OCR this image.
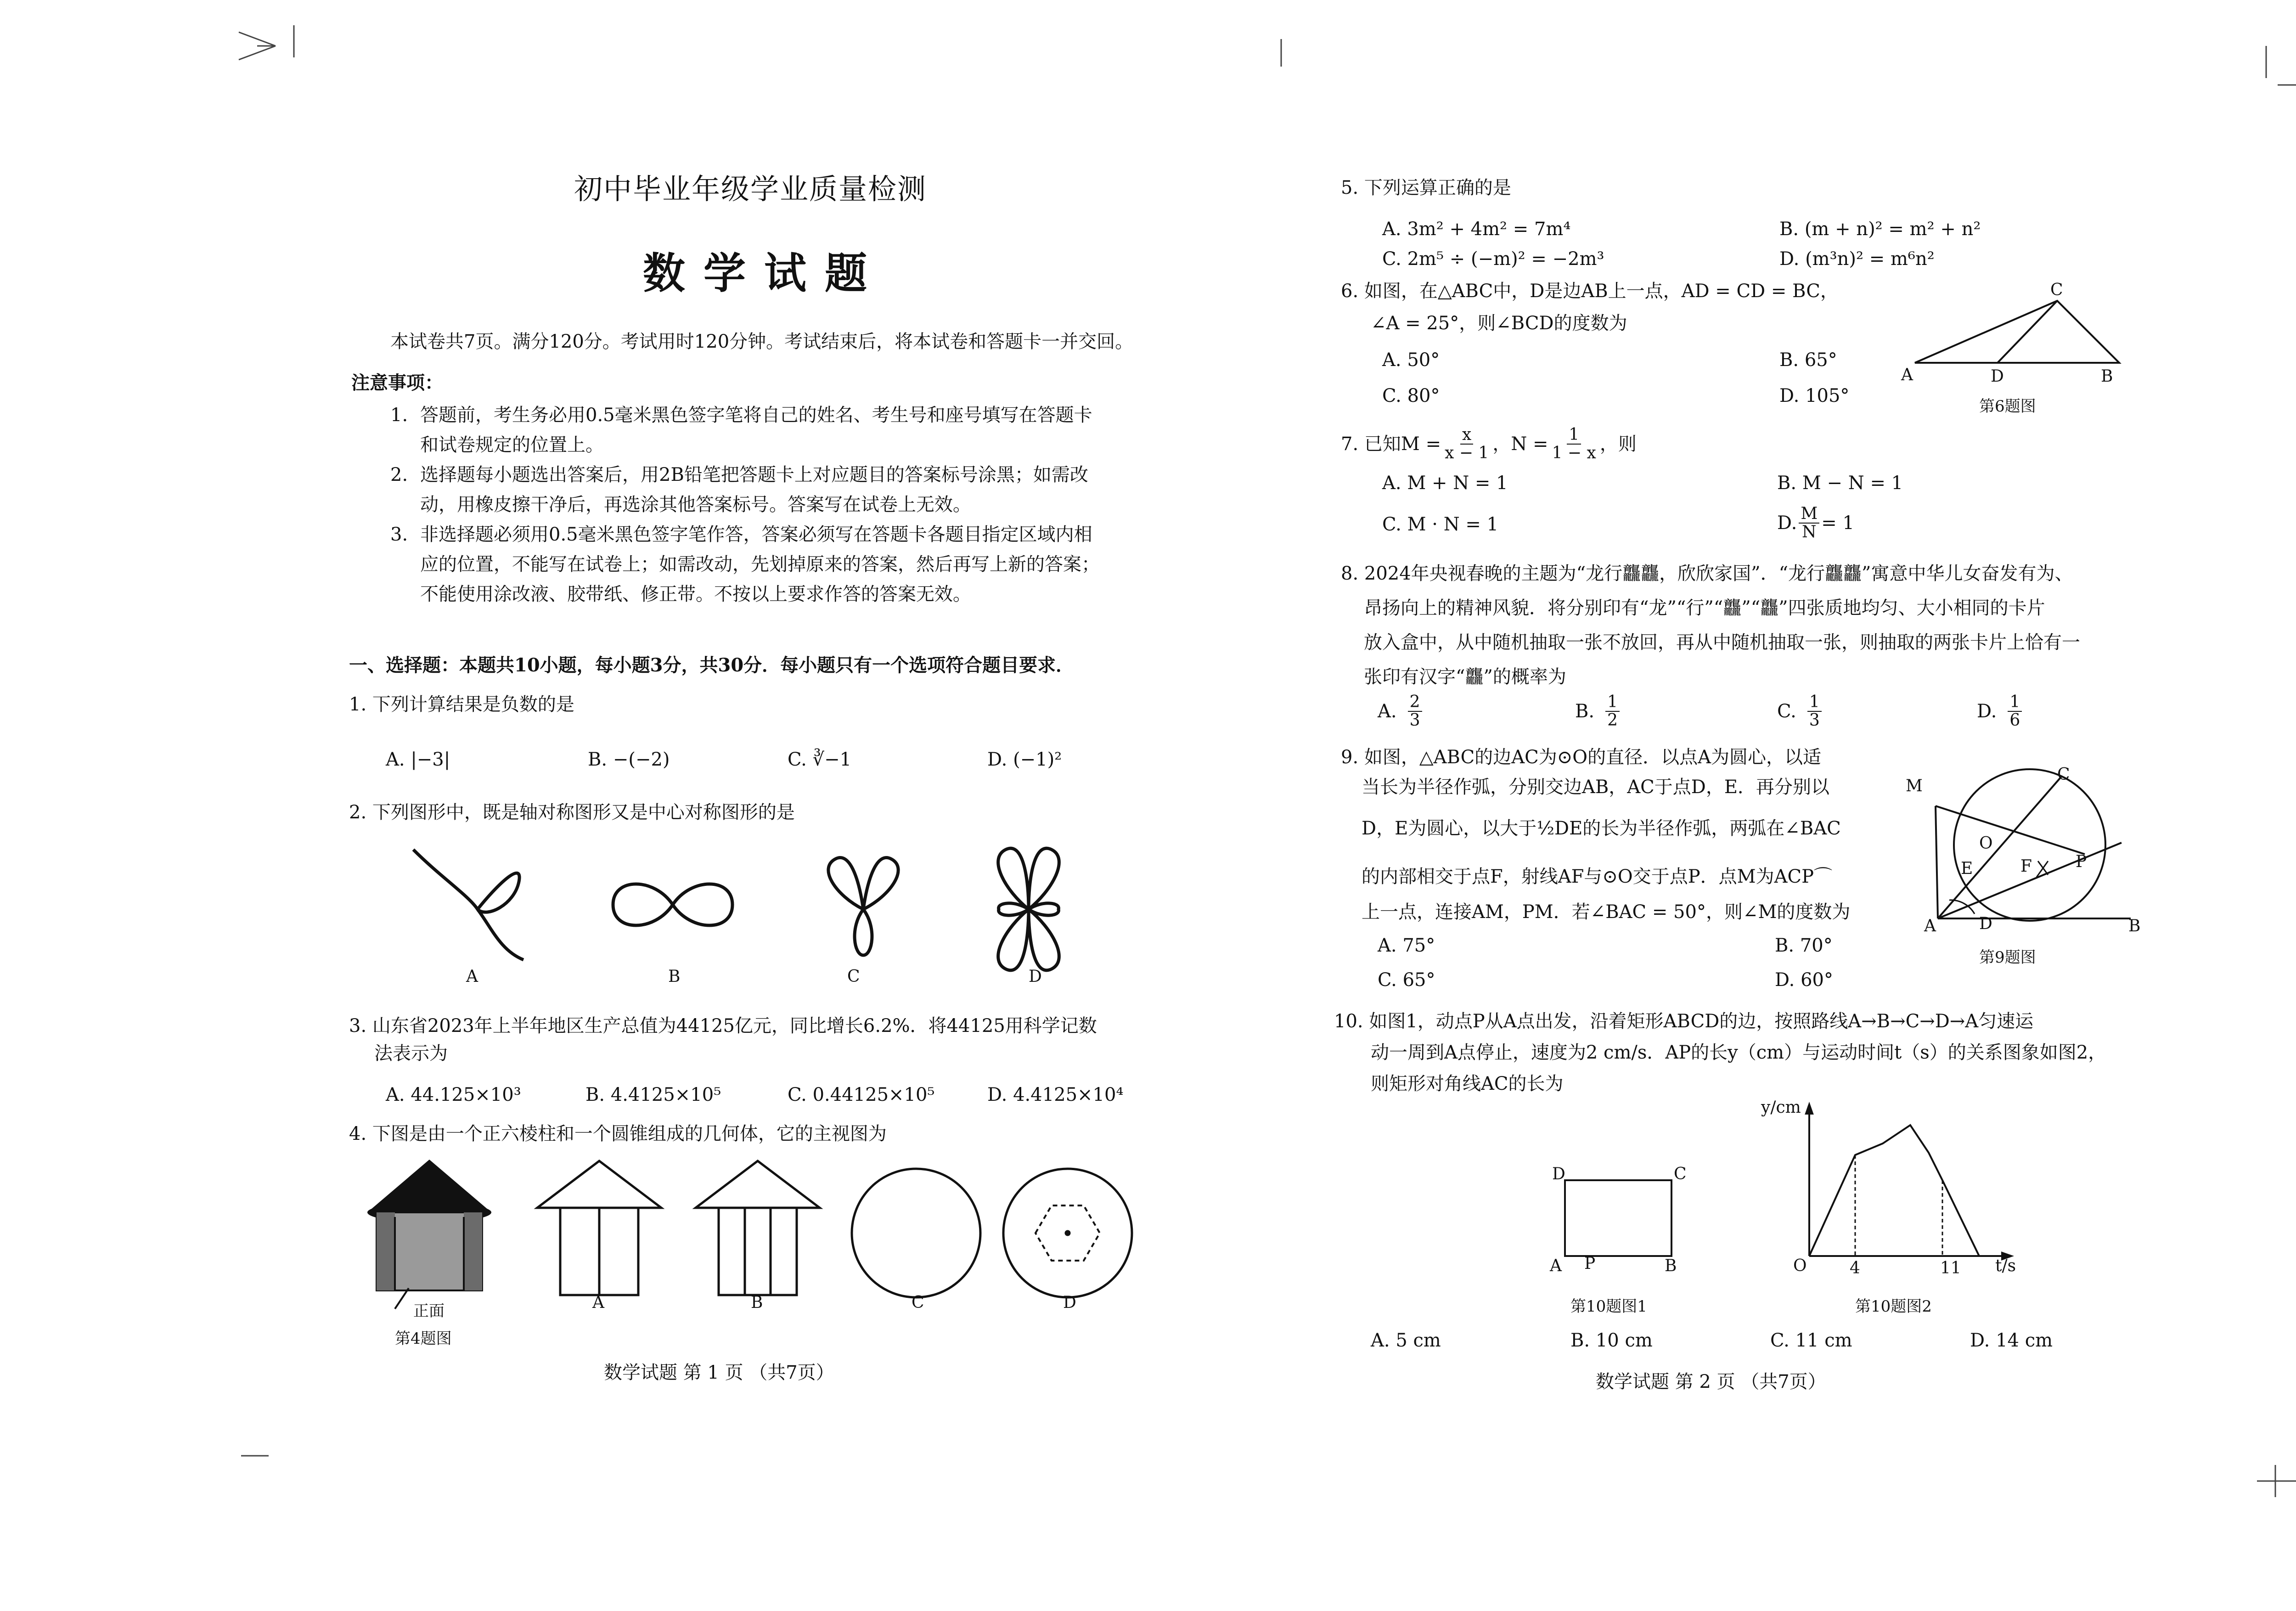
初中毕业年级学业质量检测
数学试题
本试卷共7页。满分120分。考试用时120分钟。考试结束后，将本试卷和答题卡一并交回。
注意事项：
1. 答题前，考生务必用0.5毫米黑色签字笔将自己的姓名、考生号和座号填写在答题卡
和试卷规定的位置上。
2. 选择题每小题选出答案后，用2B铅笔把答题卡上对应题目的答案标号涂黑；如需改
动，用橡皮擦干净后，再选涂其他答案标号。答案写在试卷上无效。
3. 非选择题必须用0.5毫米黑色签字笔作答，答案必须写在答题卡各题目指定区域内相
应的位置，不能写在试卷上；如需改动，先划掉原来的答案，然后再写上新的答案；
不能使用涂改液、胶带纸、修正带。不按以上要求作答的答案无效。
一、选择题：本题共10小题，每小题3分，共30分．每小题只有一个选项符合题目要求．
1. 下列计算结果是负数的是
A. |−3|	B. −(−2)	C. ∛−1	D. (−1)²
2. 下列图形中，既是轴对称图形又是中心对称图形的是
A	B	C	D
3. 山东省2023年上半年地区生产总值为44125亿元，同比增长6.2%．将44125用科学记数
法表示为
A. 44.125×10³	B. 4.4125×10⁵	C. 0.44125×10⁵	D. 4.4125×10⁴
4. 下图是由一个正六棱柱和一个圆锥组成的几何体，它的主视图为
正面
第4题图
A	B	C	D
数学试题 第 1 页 （共7页）
5. 下列运算正确的是
A. 3m² + 4m² = 7m⁴	B. (m + n)² = m² + n²
C. 2m⁵ ÷ (−m)² = −2m³	D. (m³n)² = m⁶n²
6. 如图，在△ABC中，D是边AB上一点，AD = CD = BC，
∠A = 25°，则∠BCD的度数为
A. 50°	B. 65°
C. 80°	D. 105°
A	D	B
C
第6题图
7. 已知 $M = \frac{x}{x - 1}$ ，$N = \frac{1}{1 - x}$ ，则
A. M + N = 1	B. M − N = 1
C. M · N = 1	D. $\frac{M}{N} = 1$
8. 2024年央视春晚的主题为“龙行龘龘，欣欣家国”．“龙行龘龘”寓意中华儿女奋发有为、
昂扬向上的精神风貌．将分别印有“龙”“行”“龘”“龘”四张质地均匀、大小相同的卡片
放入盒中，从中随机抽取一张不放回，再从中随机抽取一张，则抽取的两张卡片上恰有一
张印有汉字“龘”的概率为
A. $\frac{2}{3}$	B. $\frac{1}{2}$	C. $\frac{1}{3}$	D. $\frac{1}{6}$
9. 如图，△ABC的边AC为⊙O的直径．以点A为圆心，以适
当长为半径作弧，分别交边AB，AC于点D，E．再分别以
D，E为圆心，以大于½DE的长为半径作弧，两弧在∠BAC
的内部相交于点F，射线AF与⊙O交于点P．点M为ACP⌒
上一点，连接AM，PM．若∠BAC = 50°，则∠M的度数为
A. 75°	B. 70°
C. 65°	D. 60°
M
C
O
E	F	P
A	D	B
第9题图
10. 如图1，动点P从A点出发，沿着矩形ABCD的边，按照路线A→B→C→D→A匀速运
动一周到A点停止，速度为2 cm/s．AP的长y（cm）与运动时间t（s）的关系图象如图2，
则矩形对角线AC的长为
D	C
A P	B
第10题图1
y/cm
t/s
O	4	11
第10题图2
A. 5 cm	B. 10 cm	C. 11 cm	D. 14 cm
数学试题 第 2 页 （共7页）
